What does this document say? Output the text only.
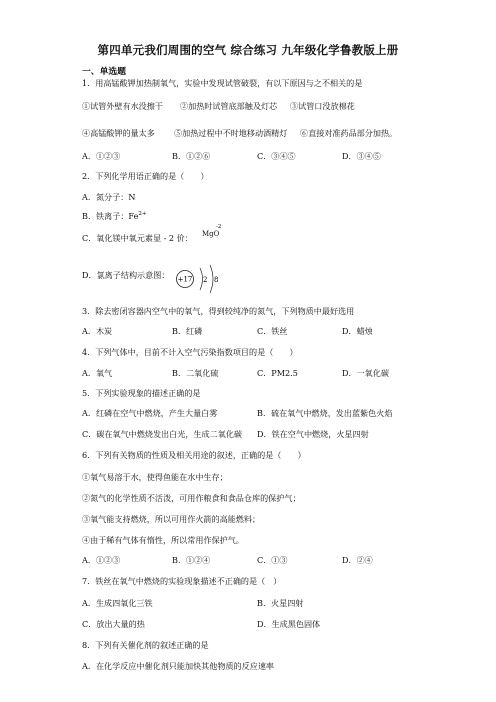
第四单元我们周围的空气 综合练习 九年级化学鲁教版上册
一、单选题
1．用高锰酸钾加热制氧气，实验中发现试管破裂，有以下原因与之不相关的是
①试管外壁有水没擦干 ②加热时试管底部触及灯芯 ③试管口没放棉花
④高锰酸钾的量太多 ⑤加热过程中不时地移动酒精灯 ⑥直接对准药品部分加热。
A．①②③	B．①②⑥	C．③④⑤	D．③④⑤
2．下列化学用语正确的是（　　）
A．氮分子：N
B．铁离子：$Fe^{2+}$
C．氧化镁中氧元素显 - 2 价： MgO
-2
D．氯离子结构示意图： +17 2 8
3．除去密闭容器内空气中的氧气，得到较纯净的氮气，下列物质中最好选用
A．木炭	B．红磷	C．铁丝	D．蜡烛
4．下列气体中，目前不计入空气污染指数项目的是（　　）
A．氧气	B．二氧化硫	C．PM2.5	D．一氧化碳
5．下列实验现象的描述正确的是
A．红磷在空气中燃烧，产生大量白雾	B．硫在氧气中燃烧，发出蓝紫色火焰
C．碳在氧气中燃烧发出白光，生成二氧化碳 D．铁在空气中燃烧，火星四射
6．下列有关物质的性质及相关用途的叙述，正确的是（　　）
①氧气易溶于水，使得鱼能在水中生存；
②氮气的化学性质不活泼，可用作粮食和食品仓库的保护气；
③氧气能支持燃烧，所以可用作火箭的高能燃料；
④由于稀有气体有惰性，所以常用作保护气。
A．①②③	B．①②④	C．①③	D．②④
7．铁丝在氧气中燃烧的实验现象描述不正确的是（　）
A．生成四氧化三铁	B．火星四射
C．放出大量的热	D．生成黑色固体
8．下列有关催化剂的叙述正确的是
A．在化学反应中催化剂只能加快其他物质的反应速率
